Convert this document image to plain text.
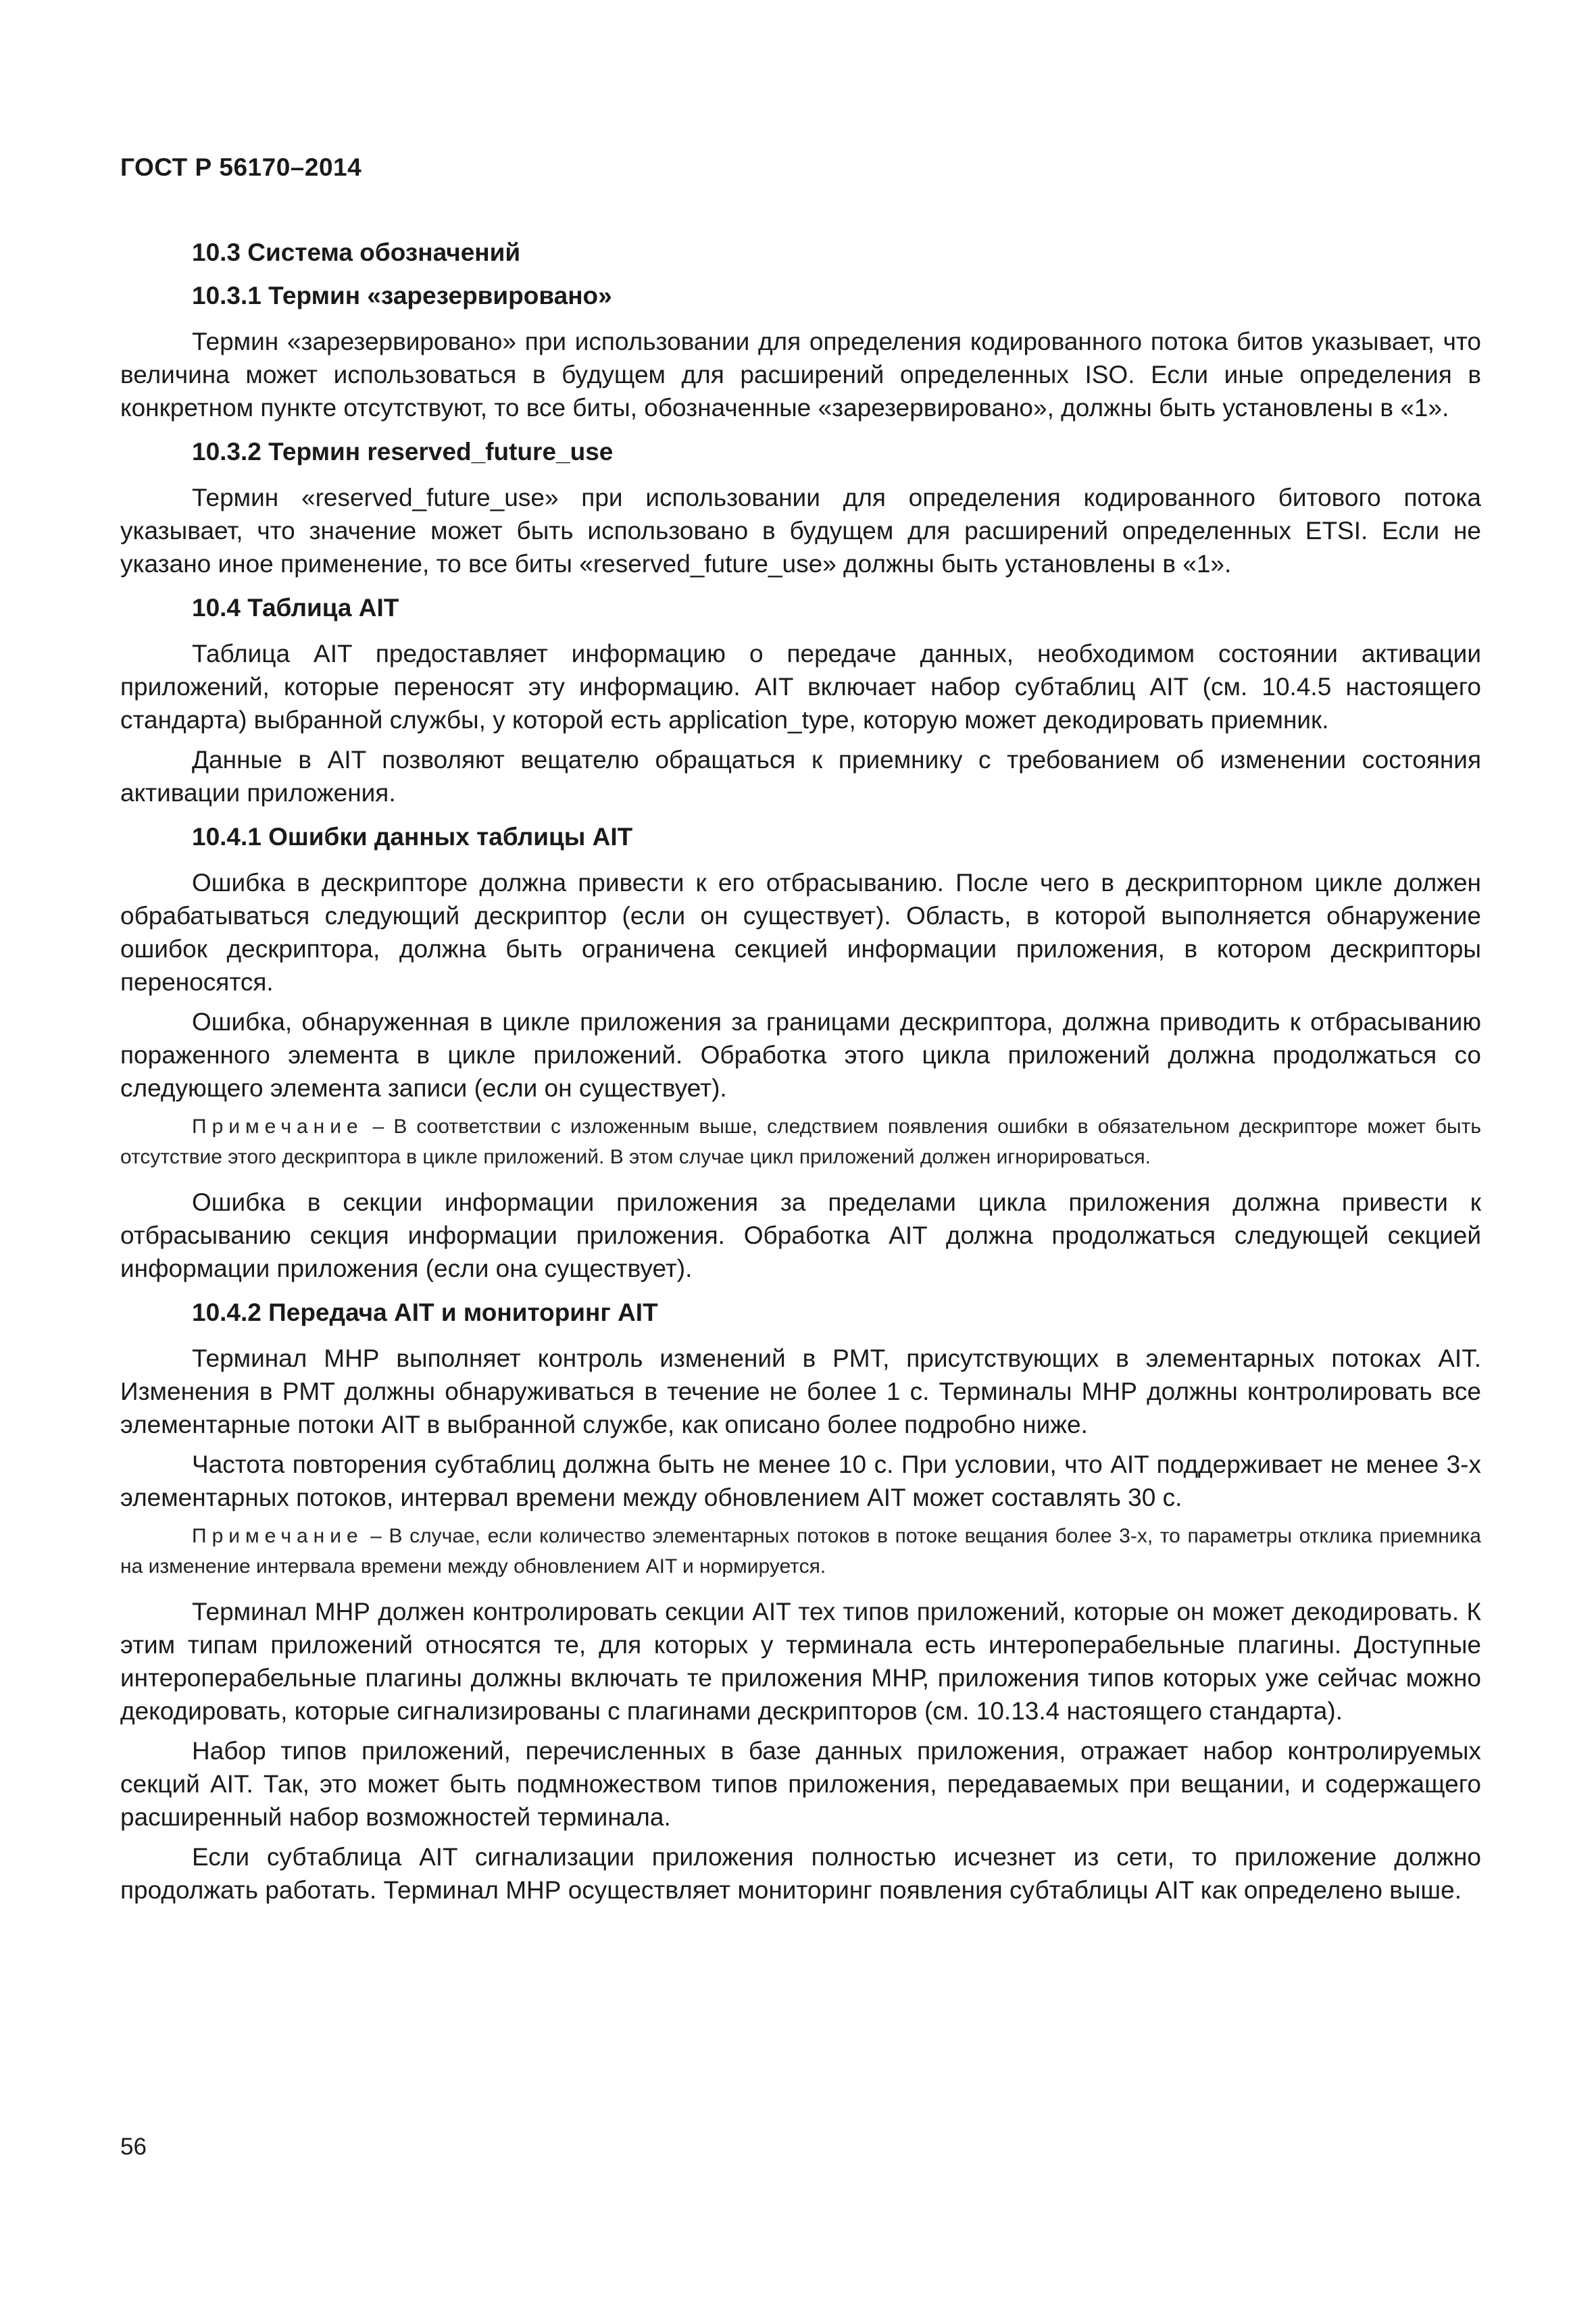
ГОСТ Р 56170–2014
10.3 Система обозначений
10.3.1 Термин «зарезервировано»
Термин «зарезервировано» при использовании для определения кодированного потока битов указывает, что величина может использоваться в будущем для расширений определенных ISO. Если иные определения в конкретном пункте отсутствуют, то все биты, обозначенные «зарезервировано», должны быть установлены в «1».
10.3.2 Термин reserved_future_use
Термин «reserved_future_use» при использовании для определения кодированного битового потока указывает, что значение может быть использовано в будущем для расширений определенных ETSI. Если не указано иное применение, то все биты «reserved_future_use» должны быть установлены в «1».
10.4 Таблица AIT
Таблица AIT предоставляет информацию о передаче данных, необходимом состоянии активации приложений, которые переносят эту информацию. AIT включает набор субтаблиц AIT (см. 10.4.5 настоящего стандарта) выбранной службы, у которой есть application_type, которую может декодировать приемник.
Данные в AIT позволяют вещателю обращаться к приемнику с требованием об изменении состояния активации приложения.
10.4.1 Ошибки данных таблицы AIT
Ошибка в дескрипторе должна привести к его отбрасыванию. После чего в дескрипторном цикле должен обрабатываться следующий дескриптор (если он существует). Область, в которой выполняется обнаружение ошибок дескриптора, должна быть ограничена секцией информации приложения, в котором дескрипторы переносятся.
Ошибка, обнаруженная в цикле приложения за границами дескриптора, должна приводить к отбрасыванию пораженного элемента в цикле приложений. Обработка этого цикла приложений должна продолжаться со следующего элемента записи (если он существует).
Примечание – В соответствии с изложенным выше, следствием появления ошибки в обязательном дескрипторе может быть отсутствие этого дескриптора в цикле приложений. В этом случае цикл приложений должен игнорироваться.
Ошибка в секции информации приложения за пределами цикла приложения должна привести к отбрасыванию секция информации приложения. Обработка AIT должна продолжаться следующей секцией информации приложения (если она существует).
10.4.2 Передача AIT и мониторинг AIT
Терминал МНР выполняет контроль изменений в PMT, присутствующих в элементарных потоках AIT. Изменения в PMT должны обнаруживаться в течение не более 1 с. Терминалы МНР должны контролировать все элементарные потоки AIT в выбранной службе, как описано более подробно ниже.
Частота повторения субтаблиц должна быть не менее 10 с. При условии, что AIT поддерживает не менее 3-х элементарных потоков, интервал времени между обновлением AIT может составлять 30 с.
Примечание – В случае, если количество элементарных потоков в потоке вещания более 3-х, то параметры отклика приемника на изменение интервала времени между обновлением AIT и нормируется.
Терминал МНР должен контролировать секции AIT тех типов приложений, которые он может декодировать. К этим типам приложений относятся те, для которых у терминала есть интероперабельные плагины. Доступные интероперабельные плагины должны включать те приложения МНР, приложения типов которых уже сейчас можно декодировать, которые сигнализированы с плагинами дескрипторов (см. 10.13.4 настоящего стандарта).
Набор типов приложений, перечисленных в базе данных приложения, отражает набор контролируемых секций AIT. Так, это может быть подмножеством типов приложения, передаваемых при вещании, и содержащего расширенный набор возможностей терминала.
Если субтаблица AIT сигнализации приложения полностью исчезнет из сети, то приложение должно продолжать работать. Терминал МНР осуществляет мониторинг появления субтаблицы AIT как определено выше.
56
